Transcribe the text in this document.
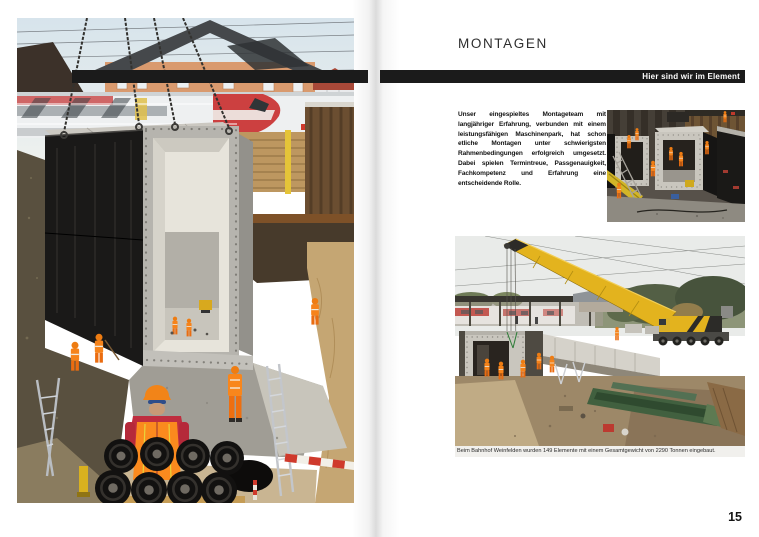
MONTAGEN
Hier sind wir im Element

Unser eingespieltes Montageteam mit langjähriger Erfahrung, verbunden mit einem leistungsfähigen Maschinenpark, hat schon etliche Montagen unter schwierigsten Rahmenbedingungen erfolgreich umgesetzt. Dabei spielen Termintreue, Passgenauigkeit, Fachkompetenz und Erfahrung eine entscheidende Rolle.

Beim Bahnhof Weinfelden wurden 149 Elemente mit einem Gesamtgewicht von 2290 Tonnen eingebaut.
15
